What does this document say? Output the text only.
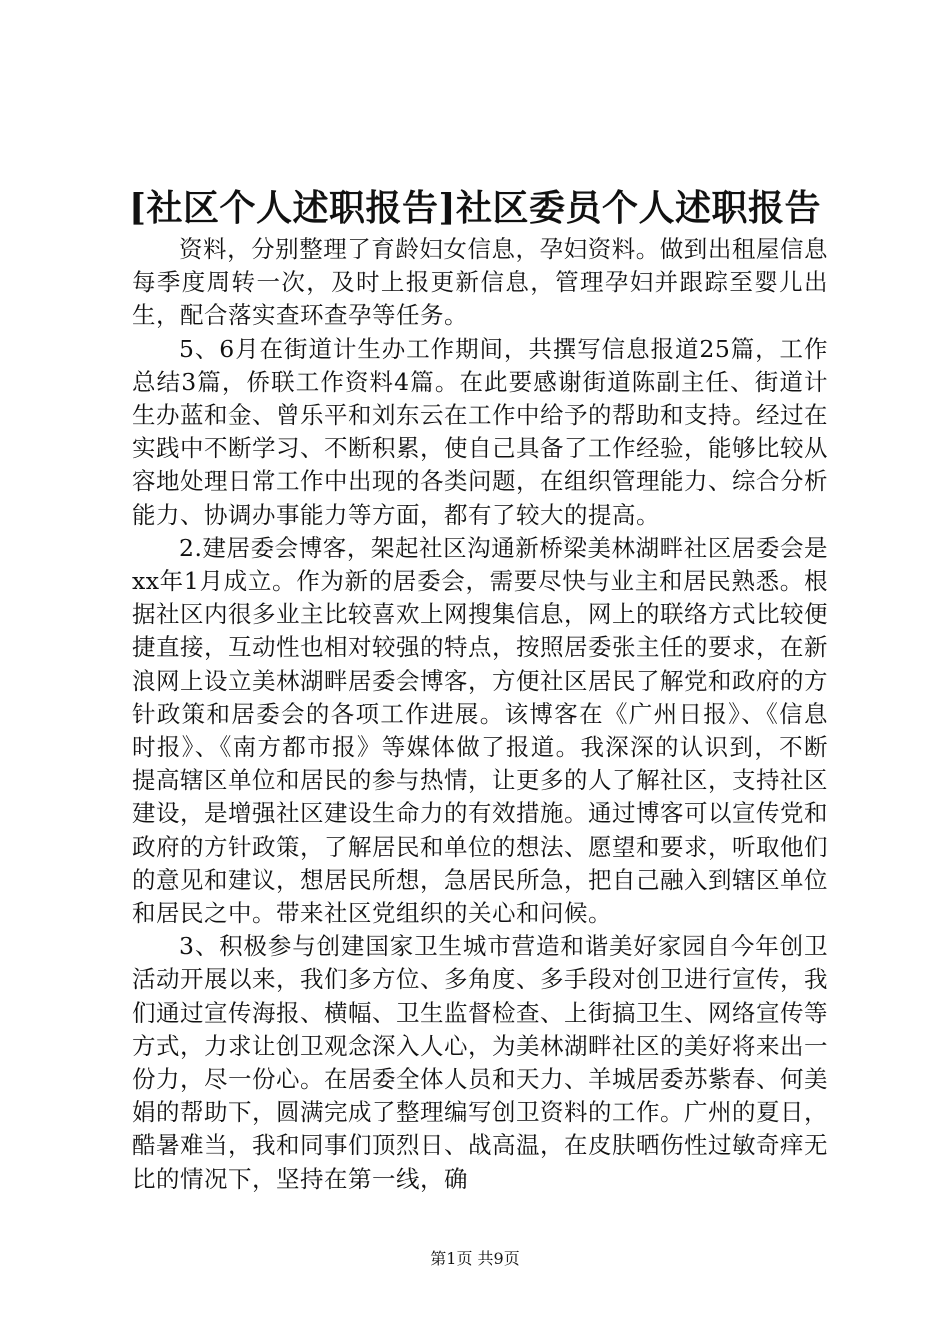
[社区个人述职报告]社区委员个人述职报告

资料，分别整理了育龄妇女信息，孕妇资料。做到出租屋信息每季度周转一次，及时上报更新信息，管理孕妇并跟踪至婴儿出生，配合落实查环查孕等任务。

5、6月在街道计生办工作期间，共撰写信息报道25篇，工作总结3篇，侨联工作资料4篇。在此要感谢街道陈副主任、街道计生办蓝和金、曾乐平和刘东云在工作中给予的帮助和支持。经过在实践中不断学习、不断积累，使自己具备了工作经验，能够比较从容地处理日常工作中出现的各类问题，在组织管理能力、综合分析能力、协调办事能力等方面，都有了较大的提高。

2.建居委会博客，架起社区沟通新桥梁美林湖畔社区居委会是xx年1月成立。作为新的居委会，需要尽快与业主和居民熟悉。根据社区内很多业主比较喜欢上网搜集信息，网上的联络方式比较便捷直接，互动性也相对较强的特点，按照居委张主任的要求，在新浪网上设立美林湖畔居委会博客，方便社区居民了解党和政府的方针政策和居委会的各项工作进展。该博客在《广州日报》、《信息时报》、《南方都市报》等媒体做了报道。我深深的认识到，不断提高辖区单位和居民的参与热情，让更多的人了解社区，支持社区建设，是增强社区建设生命力的有效措施。通过博客可以宣传党和政府的方针政策，了解居民和单位的想法、愿望和要求，听取他们的意见和建议，想居民所想，急居民所急，把自己融入到辖区单位和居民之中。带来社区党组织的关心和问候。

3、积极参与创建国家卫生城市营造和谐美好家园自今年创卫活动开展以来，我们多方位、多角度、多手段对创卫进行宣传，我们通过宣传海报、横幅、卫生监督检查、上街搞卫生、网络宣传等方式，力求让创卫观念深入人心，为美林湖畔社区的美好将来出一份力，尽一份心。在居委全体人员和天力、羊城居委苏紫春、何美娟的帮助下，圆满完成了整理编写创卫资料的工作。广州的夏日，酷暑难当，我和同事们顶烈日、战高温，在皮肤晒伤性过敏奇痒无比的情况下，坚持在第一线，确

第1页 共9页
